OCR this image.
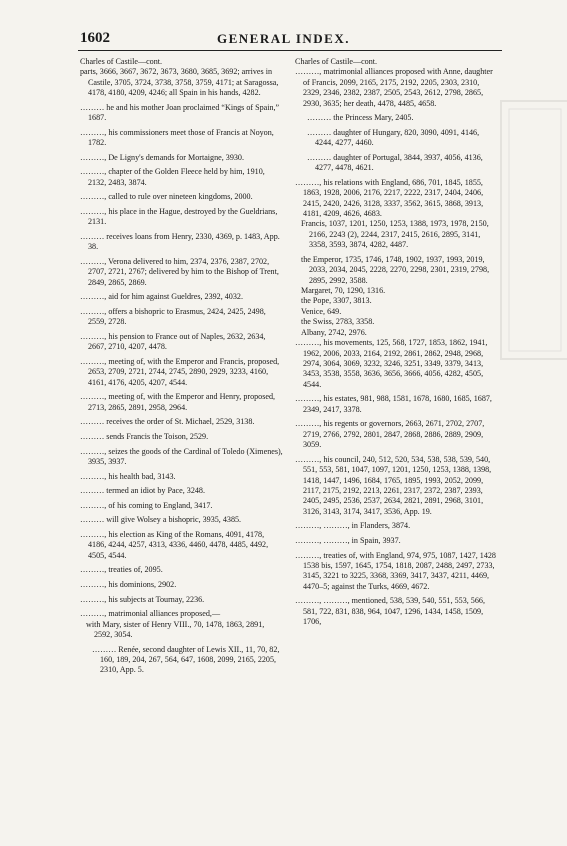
1602	GENERAL INDEX.
Charles of Castile—cont.
parts, 3666, 3667, 3672, 3673, 3680, 3685, 3692; arrives in Castile, 3705, 3724, 3738, 3758, 3759, 4171; at Saragossa, 4178, 4180, 4209, 4246; all Spain in his hands, 4282.
……… he and his mother Joan proclaimed “Kings of Spain,” 1687.
………, his commissioners meet those of Francis at Noyon, 1782.
………, De Ligny's demands for Mortaigne, 3930.
………, chapter of the Golden Fleece held by him, 1910, 2132, 2483, 3874.
………, called to rule over nineteen kingdoms, 2000.
………, his place in the Hague, destroyed by the Gueldrians, 2131.
……… receives loans from Henry, 2330, 4369, p. 1483, App. 38.
………, Verona delivered to him, 2374, 2376, 2387, 2702, 2707, 2721, 2767; delivered by him to the Bishop of Trent, 2849, 2865, 2869.
………, aid for him against Gueldres, 2392, 4032.
………, offers a bishopric to Erasmus, 2424, 2425, 2498, 2559, 2728.
………, his pension to France out of Naples, 2632, 2634, 2667, 2710, 4207, 4478.
………, meeting of, with the Emperor and Francis, proposed, 2653, 2709, 2721, 2744, 2745, 2890, 2929, 3233, 4160, 4161, 4176, 4205, 4207, 4544.
………, meeting of, with the Emperor and Henry, proposed, 2713, 2865, 2891, 2958, 2964.
……… receives the order of St. Michael, 2529, 3138.
……… sends Francis the Toison, 2529.
………, seizes the goods of the Cardinal of Toledo (Ximenes), 3935, 3937.
………, his health bad, 3143.
……… termed an idiot by Pace, 3248.
………, of his coming to England, 3417.
……… will give Wolsey a bishopric, 3935, 4385.
………, his election as King of the Romans, 4091, 4178, 4186, 4244, 4257, 4313, 4336, 4460, 4478, 4485, 4492, 4505, 4544.
………, treaties of, 2095.
………, his dominions, 2902.
………, his subjects at Tournay, 2236.
………, matrimonial alliances proposed,—
with Mary, sister of Henry VIII., 70, 1478, 1863, 2891, 2592, 3054.
……… Renée, second daughter of Lewis XII., 11, 70, 82, 160, 189, 204, 267, 564, 647, 1608, 2099, 2165, 2205, 2310, App. 5.
Charles of Castile—cont.
………, matrimonial alliances proposed with Anne, daughter of Francis, 2099, 2165, 2175, 2192, 2205, 2303, 2310, 2329, 2346, 2382, 2387, 2505, 2543, 2612, 2798, 2865, 2930, 3635; her death, 4478, 4485, 4658.
……… the Princess Mary, 2405.
……… daughter of Hungary, 820, 3090, 4091, 4146, 4244, 4277, 4460.
……… daughter of Portugal, 3844, 3937, 4056, 4136, 4277, 4478, 4621.
………, his relations with England, 686, 701, 1845, 1855, 1863, 1928, 2006, 2176, 2217, 2222, 2317, 2404, 2406, 2415, 2420, 2426, 3128, 3337, 3562, 3615, 3868, 3913, 4181, 4209, 4626, 4683.
Francis, 1037, 1201, 1250, 1253, 1388, 1973, 1978, 2150, 2166, 2243 (2), 2244, 2317, 2415, 2616, 2895, 3141, 3358, 3593, 3874, 4282, 4487.
the Emperor, 1735, 1746, 1748, 1902, 1937, 1993, 2019, 2033, 2034, 2045, 2228, 2270, 2298, 2301, 2319, 2798, 2895, 2992, 3588.
Margaret, 70, 1290, 1316.
the Pope, 3307, 3813.
Venice, 649.
the Swiss, 2783, 3358.
Albany, 2742, 2976.
………, his movements, 125, 568, 1727, 1853, 1862, 1941, 1962, 2006, 2033, 2164, 2192, 2861, 2862, 2948, 2968, 2974, 3064, 3069, 3232, 3246, 3251, 3349, 3379, 3413, 3453, 3538, 3558, 3636, 3656, 3666, 4056, 4282, 4505, 4544.
………, his estates, 981, 988, 1581, 1678, 1680, 1685, 1687, 2349, 2417, 3378.
………, his regents or governors, 2663, 2671, 2702, 2707, 2719, 2766, 2792, 2801, 2847, 2868, 2886, 2889, 2909, 3059.
………, his council, 240, 512, 520, 534, 538, 538, 539, 540, 551, 553, 581, 1047, 1097, 1201, 1250, 1253, 1388, 1398, 1418, 1447, 1496, 1684, 1765, 1895, 1993, 2052, 2099, 2117, 2175, 2192, 2213, 2261, 2317, 2372, 2387, 2393, 2405, 2495, 2536, 2537, 2634, 2821, 2891, 2968, 3101, 3126, 3143, 3174, 3417, 3536, App. 19.
………, ………, in Flanders, 3874.
………, ………, in Spain, 3937.
………, treaties of, with England, 974, 975, 1087, 1427, 1428 1538 bis, 1597, 1645, 1754, 1818, 2087, 2488, 2497, 2733, 3145, 3221 to 3225, 3368, 3369, 3417, 3437, 4211, 4469, 4470–5; against the Turks, 4669, 4672.
………, ………, mentioned, 538, 539, 540, 551, 553, 566, 581, 722, 831, 838, 964, 1047, 1296, 1434, 1458, 1509, 1706,
